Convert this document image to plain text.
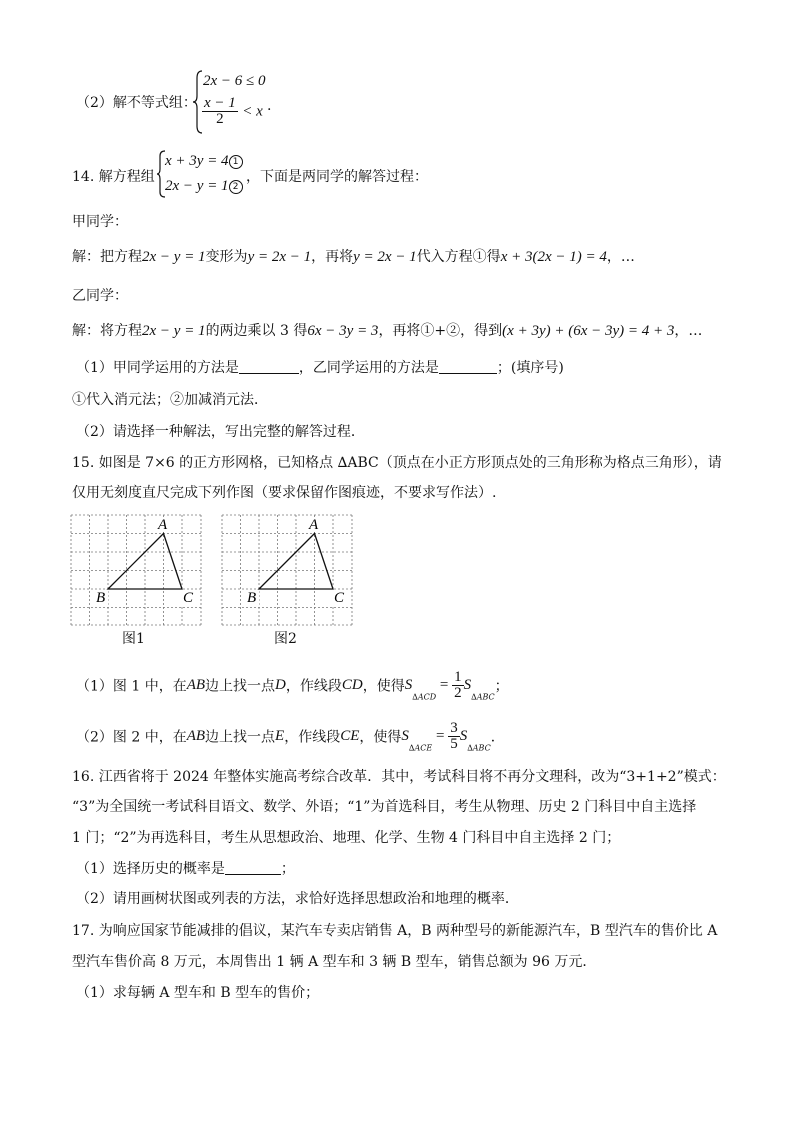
（2）解不等式组：
2x − 6 ≤ 0
$\frac{x - 1}{2} < x$ .
14. 解方程组
x + 3y = 4 1
2x − y = 1 2
，下面是两同学的解答过程：
甲同学：
解：把方程2x − y = 1变形为y = 2x − 1，再将y = 2x − 1代入方程①得x + 3(2x − 1) = 4，…
乙同学：
解：将方程2x − y = 1的两边乘以 3 得6x − 3y = 3，再将①+②，得到(x + 3y) + (6x − 3y) = 4 + 3，…
（1）甲同学运用的方法是	，乙同学运用的方法是	；(填序号)
①代入消元法；②加减消元法．
（2）请选择一种解法，写出完整的解答过程．
15. 如图是 7×6 的正方形网格，已知格点 ∆ABC（顶点在小正方形顶点处的三角形称为格点三角形），请
仅用无刻度直尺完成下列作图（要求保留作图痕迹，不要求写作法）.
A
B	C
图1
A
B	C
图2
（1）图 1 中，在AB边上找一点D，作线段CD，使得$S_{\Delta ACD} = \frac{1}{2} S_{\Delta ABC}$；
（2）图 2 中，在AB边上找一点E，作线段CE，使得$S_{\Delta ACE} = \frac{3}{5} S_{\Delta ABC}$．
16. 江西省将于 2024 年整体实施高考综合改革．其中，考试科目将不再分文理科，改为“3+1+2”模式：
“3”为全国统一考试科目语文、数学、外语；“1”为首选科目，考生从物理、历史 2 门科目中自主选择
1 门；“2”为再选科目，考生从思想政治、地理、化学、生物 4 门科目中自主选择 2 门；
（1）选择历史的概率是	；
（2）请用画树状图或列表的方法，求恰好选择思想政治和地理的概率．
17. 为响应国家节能减排的倡议，某汽车专卖店销售 A，B 两种型号的新能源汽车，B 型汽车的售价比 A
型汽车售价高 8 万元，本周售出 1 辆 A 型车和 3 辆 B 型车，销售总额为 96 万元．
（1）求每辆 A 型车和 B 型车的售价；
